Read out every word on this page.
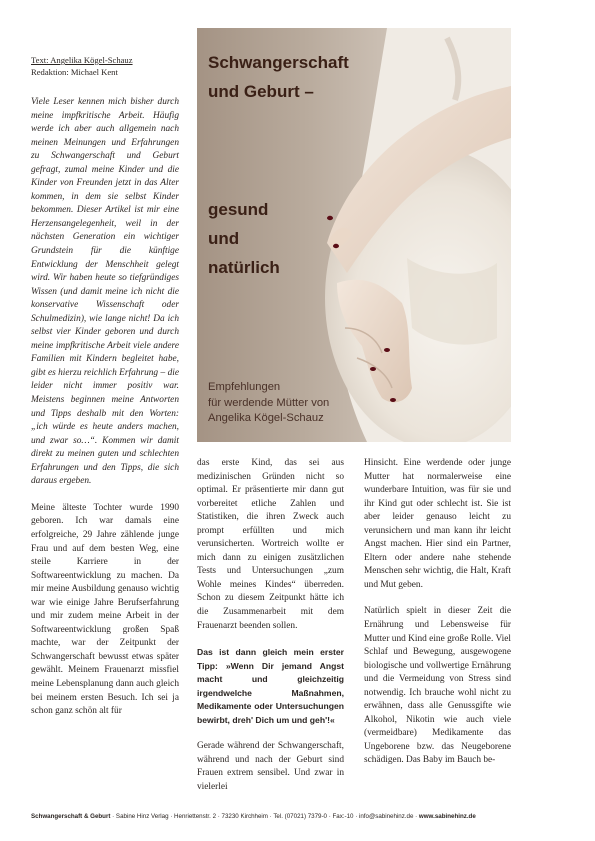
Text: Angelika Kögel-Schauz
Redaktion: Michael Kent	Schwangerschaft
und Geburt –
gesund
und
natürlich
Empfehlungen
für werdende Mütter von
Angelika Kögel-Schauz

Viele Leser kennen mich bisher durch meine impfkritische Arbeit. Häufig werde ich aber auch allgemein nach meinen Meinungen und Erfahrungen zu Schwangerschaft und Geburt gefragt, zumal meine Kinder und die Kinder von Freunden jetzt in das Alter kommen, in dem sie selbst Kinder bekommen. Dieser Artikel ist mir eine Herzensangelegenheit, weil in der nächsten Generation ein wichtiger Grundstein für die künftige Entwicklung der Menschheit gelegt wird. Wir haben heute so tiefgründiges Wissen (und damit meine ich nicht die konservative Wissenschaft oder Schulmedizin), wie lange nicht! Da ich selbst vier Kinder geboren und durch meine impfkritische Arbeit viele andere Familien mit Kindern begleitet habe, gibt es hierzu reichlich Erfahrung – die leider nicht immer positiv war. Meistens beginnen meine Antworten und Tipps deshalb mit den Worten: „ich würde es heute anders machen, und zwar so…“. Kommen wir damit direkt zu meinen guten und schlechten Erfahrungen und den Tipps, die sich daraus ergeben.

Meine älteste Tochter wurde 1990 geboren. Ich war damals eine erfolgreiche, 29 Jahre zählende junge Frau und auf dem besten Weg, eine steile Karriere in der Softwareentwicklung zu machen. Da mir meine Ausbildung genauso wichtig war wie einige Jahre Berufserfahrung und mir zudem meine Arbeit in der Softwareentwicklung großen Spaß machte, war der Zeitpunkt der Schwangerschaft bewusst etwas später gewählt. Meinem Frauenarzt missfiel meine Lebensplanung dann auch gleich bei meinem ersten Besuch. Ich sei ja schon ganz schön alt für

das erste Kind, das sei aus medizinischen Gründen nicht so optimal. Er präsentierte mir dann gut vorbereitet etliche Zahlen und Statistiken, die ihren Zweck auch prompt erfüllten und mich verunsicherten. Wortreich wollte er mich dann zu einigen zusätzlichen Tests und Untersuchungen „zum Wohle meines Kindes“ überreden. Schon zu diesem Zeitpunkt hätte ich die Zusammenarbeit mit dem Frauenarzt beenden sollen.

Das ist dann gleich mein erster Tipp: »Wenn Dir jemand Angst macht und gleichzeitig irgendwelche Maßnahmen, Medikamente oder Untersuchungen bewirbt, dreh' Dich um und geh'!«

Gerade während der Schwangerschaft, während und nach der Geburt sind Frauen extrem sensibel. Und zwar in vielerlei

Hinsicht. Eine werdende oder junge Mutter hat normalerweise eine wunderbare Intuition, was für sie und ihr Kind gut oder schlecht ist. Sie ist aber leider genauso leicht zu verunsichern und man kann ihr leicht Angst machen. Hier sind ein Partner, Eltern oder andere nahe stehende Menschen sehr wichtig, die Halt, Kraft und Mut geben.

Natürlich spielt in dieser Zeit die Ernährung und Lebensweise für Mutter und Kind eine große Rolle. Viel Schlaf und Bewegung, ausgewogene biologische und vollwertige Ernährung und die Vermeidung von Stress sind notwendig. Ich brauche wohl nicht zu erwähnen, dass alle Genussgifte wie Alkohol, Nikotin wie auch viele (vermeidbare) Medikamente das Ungeborene bzw. das Neugeborene schädigen. Das Baby im Bauch be-

Schwangerschaft & Geburt · Sabine Hinz Verlag · Henriettenstr. 2 · 73230 Kirchheim · Tel. (07021) 7379-0 · Fax:-10 · info@sabinehinz.de · www.sabinehinz.de
